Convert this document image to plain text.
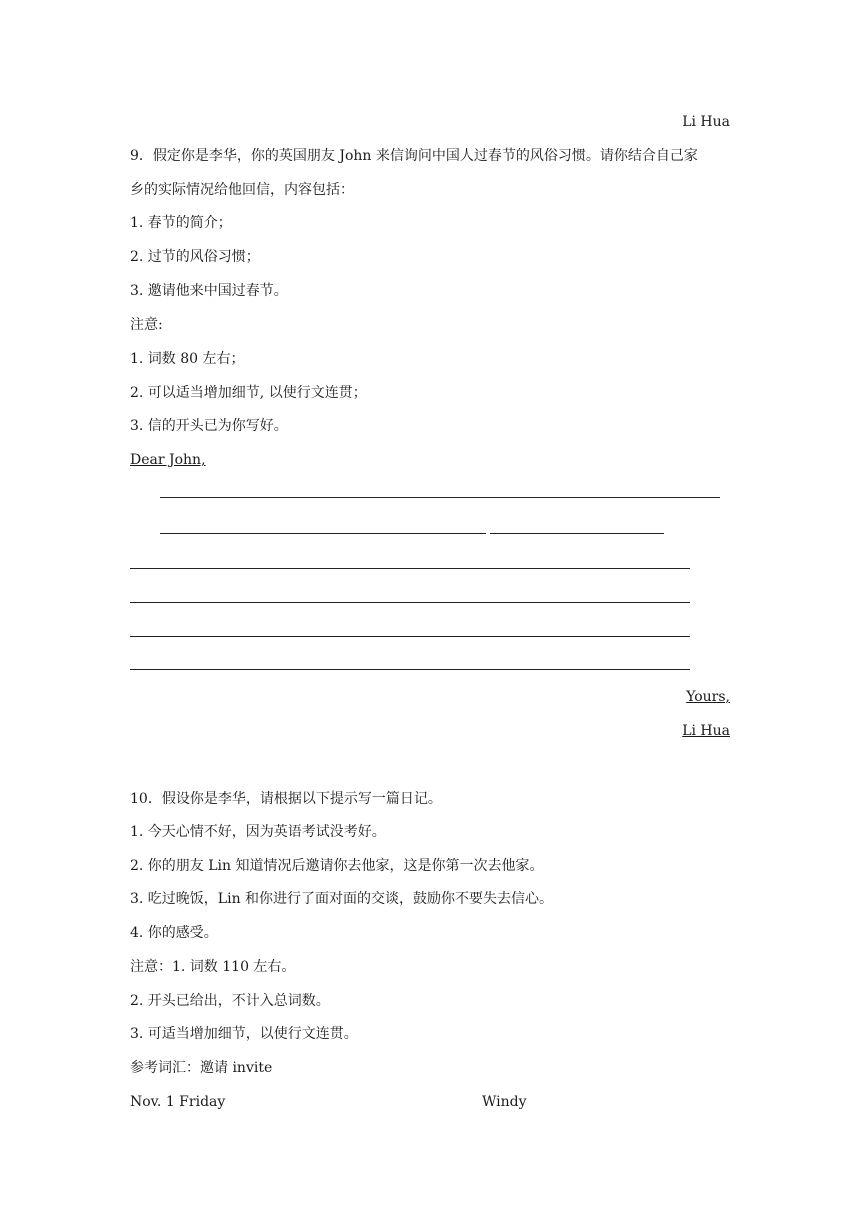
Li Hua
9．假定你是李华，你的英国朋友 John 来信询问中国人过春节的风俗习惯。请你结合自己家
乡的实际情况给他回信，内容包括：
1. 春节的简介；
2. 过节的风俗习惯；
3. 邀请他来中国过春节。
注意:
1. 词数 80 左右；
2. 可以适当增加细节, 以使行文连贯；
3. 信的开头已为你写好。
Dear John,
Yours,
Li Hua
10．假设你是李华，请根据以下提示写一篇日记。
1. 今天心情不好，因为英语考试没考好。
2. 你的朋友 Lin 知道情况后邀请你去他家，这是你第一次去他家。
3. 吃过晚饭，Lin 和你进行了面对面的交谈，鼓励你不要失去信心。
4. 你的感受。
注意：1. 词数 110 左右。
2. 开头已给出，不计入总词数。
3. 可适当增加细节，以使行文连贯。
参考词汇：邀请 invite
Nov. 1 Friday	Windy
